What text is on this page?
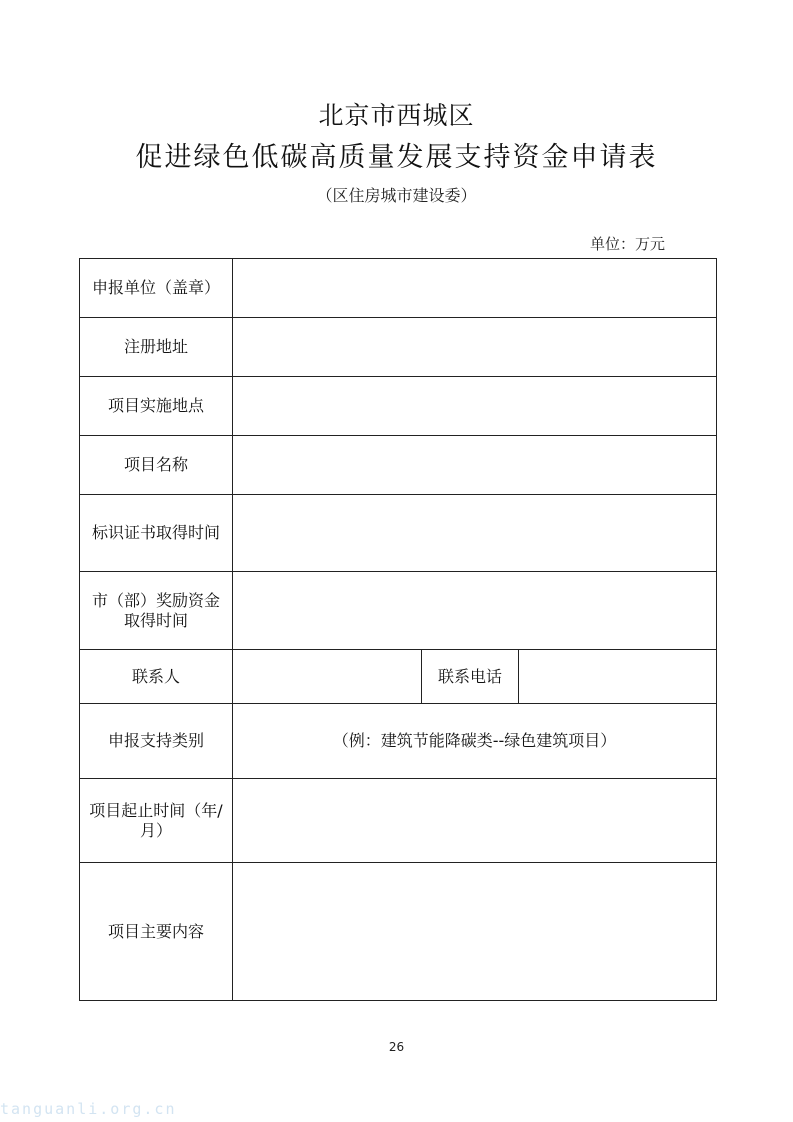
北京市西城区
促进绿色低碳高质量发展支持资金申请表
（区住房城市建设委）
单位：万元
申报单位（盖章）			
注册地址			
项目实施地点			
项目名称			
标识证书取得时间			
市（部）奖励资金取得时间			
联系人		联系电话	
申报支持类别	（例：建筑节能降碳类--绿色建筑项目）		
项目起止时间（年/月）			
项目主要内容			
26
tanguanli.org.cn
